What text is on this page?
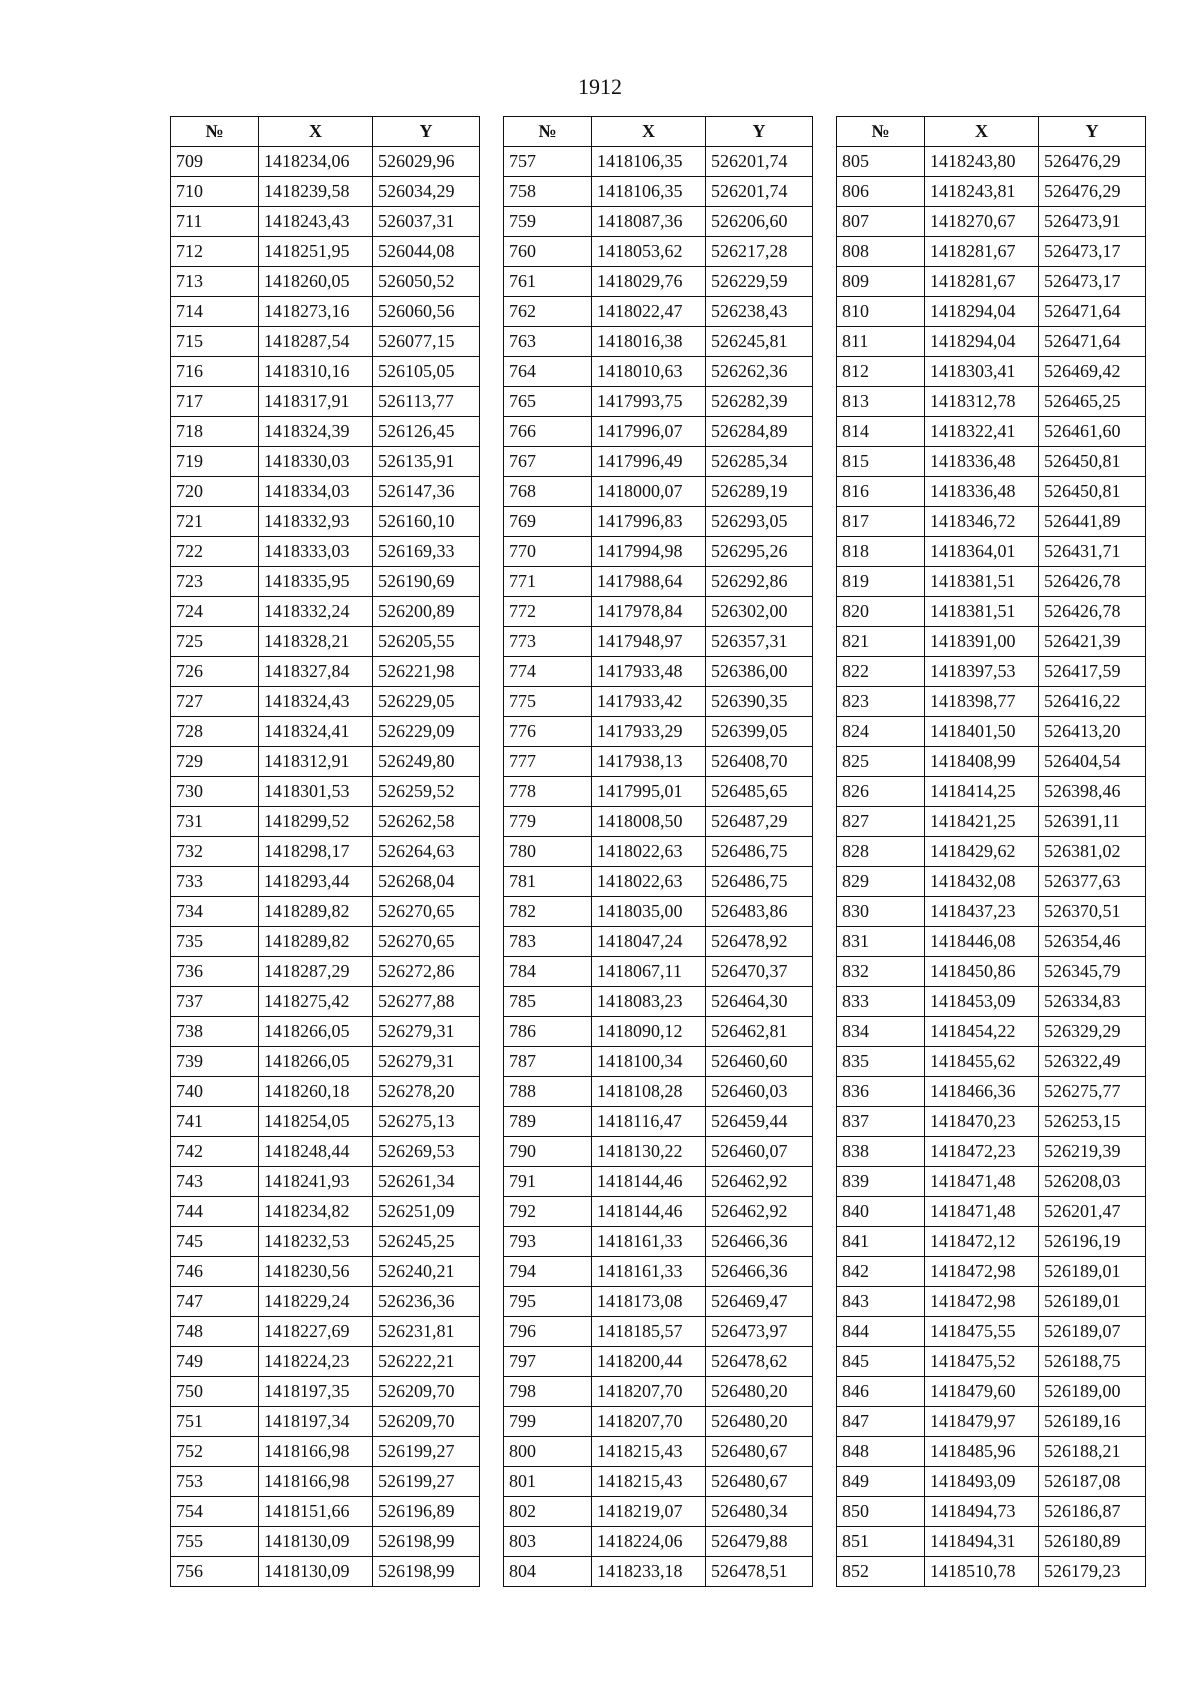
1912
№	X	Y
709	1418234,06	526029,96
710	1418239,58	526034,29
711	1418243,43	526037,31
712	1418251,95	526044,08
713	1418260,05	526050,52
714	1418273,16	526060,56
715	1418287,54	526077,15
716	1418310,16	526105,05
717	1418317,91	526113,77
718	1418324,39	526126,45
719	1418330,03	526135,91
720	1418334,03	526147,36
721	1418332,93	526160,10
722	1418333,03	526169,33
723	1418335,95	526190,69
724	1418332,24	526200,89
725	1418328,21	526205,55
726	1418327,84	526221,98
727	1418324,43	526229,05
728	1418324,41	526229,09
729	1418312,91	526249,80
730	1418301,53	526259,52
731	1418299,52	526262,58
732	1418298,17	526264,63
733	1418293,44	526268,04
734	1418289,82	526270,65
735	1418289,82	526270,65
736	1418287,29	526272,86
737	1418275,42	526277,88
738	1418266,05	526279,31
739	1418266,05	526279,31
740	1418260,18	526278,20
741	1418254,05	526275,13
742	1418248,44	526269,53
743	1418241,93	526261,34
744	1418234,82	526251,09
745	1418232,53	526245,25
746	1418230,56	526240,21
747	1418229,24	526236,36
748	1418227,69	526231,81
749	1418224,23	526222,21
750	1418197,35	526209,70
751	1418197,34	526209,70
752	1418166,98	526199,27
753	1418166,98	526199,27
754	1418151,66	526196,89
755	1418130,09	526198,99
756	1418130,09	526198,99
№	X	Y
757	1418106,35	526201,74
758	1418106,35	526201,74
759	1418087,36	526206,60
760	1418053,62	526217,28
761	1418029,76	526229,59
762	1418022,47	526238,43
763	1418016,38	526245,81
764	1418010,63	526262,36
765	1417993,75	526282,39
766	1417996,07	526284,89
767	1417996,49	526285,34
768	1418000,07	526289,19
769	1417996,83	526293,05
770	1417994,98	526295,26
771	1417988,64	526292,86
772	1417978,84	526302,00
773	1417948,97	526357,31
774	1417933,48	526386,00
775	1417933,42	526390,35
776	1417933,29	526399,05
777	1417938,13	526408,70
778	1417995,01	526485,65
779	1418008,50	526487,29
780	1418022,63	526486,75
781	1418022,63	526486,75
782	1418035,00	526483,86
783	1418047,24	526478,92
784	1418067,11	526470,37
785	1418083,23	526464,30
786	1418090,12	526462,81
787	1418100,34	526460,60
788	1418108,28	526460,03
789	1418116,47	526459,44
790	1418130,22	526460,07
791	1418144,46	526462,92
792	1418144,46	526462,92
793	1418161,33	526466,36
794	1418161,33	526466,36
795	1418173,08	526469,47
796	1418185,57	526473,97
797	1418200,44	526478,62
798	1418207,70	526480,20
799	1418207,70	526480,20
800	1418215,43	526480,67
801	1418215,43	526480,67
802	1418219,07	526480,34
803	1418224,06	526479,88
804	1418233,18	526478,51
№	X	Y
805	1418243,80	526476,29
806	1418243,81	526476,29
807	1418270,67	526473,91
808	1418281,67	526473,17
809	1418281,67	526473,17
810	1418294,04	526471,64
811	1418294,04	526471,64
812	1418303,41	526469,42
813	1418312,78	526465,25
814	1418322,41	526461,60
815	1418336,48	526450,81
816	1418336,48	526450,81
817	1418346,72	526441,89
818	1418364,01	526431,71
819	1418381,51	526426,78
820	1418381,51	526426,78
821	1418391,00	526421,39
822	1418397,53	526417,59
823	1418398,77	526416,22
824	1418401,50	526413,20
825	1418408,99	526404,54
826	1418414,25	526398,46
827	1418421,25	526391,11
828	1418429,62	526381,02
829	1418432,08	526377,63
830	1418437,23	526370,51
831	1418446,08	526354,46
832	1418450,86	526345,79
833	1418453,09	526334,83
834	1418454,22	526329,29
835	1418455,62	526322,49
836	1418466,36	526275,77
837	1418470,23	526253,15
838	1418472,23	526219,39
839	1418471,48	526208,03
840	1418471,48	526201,47
841	1418472,12	526196,19
842	1418472,98	526189,01
843	1418472,98	526189,01
844	1418475,55	526189,07
845	1418475,52	526188,75
846	1418479,60	526189,00
847	1418479,97	526189,16
848	1418485,96	526188,21
849	1418493,09	526187,08
850	1418494,73	526186,87
851	1418494,31	526180,89
852	1418510,78	526179,23
